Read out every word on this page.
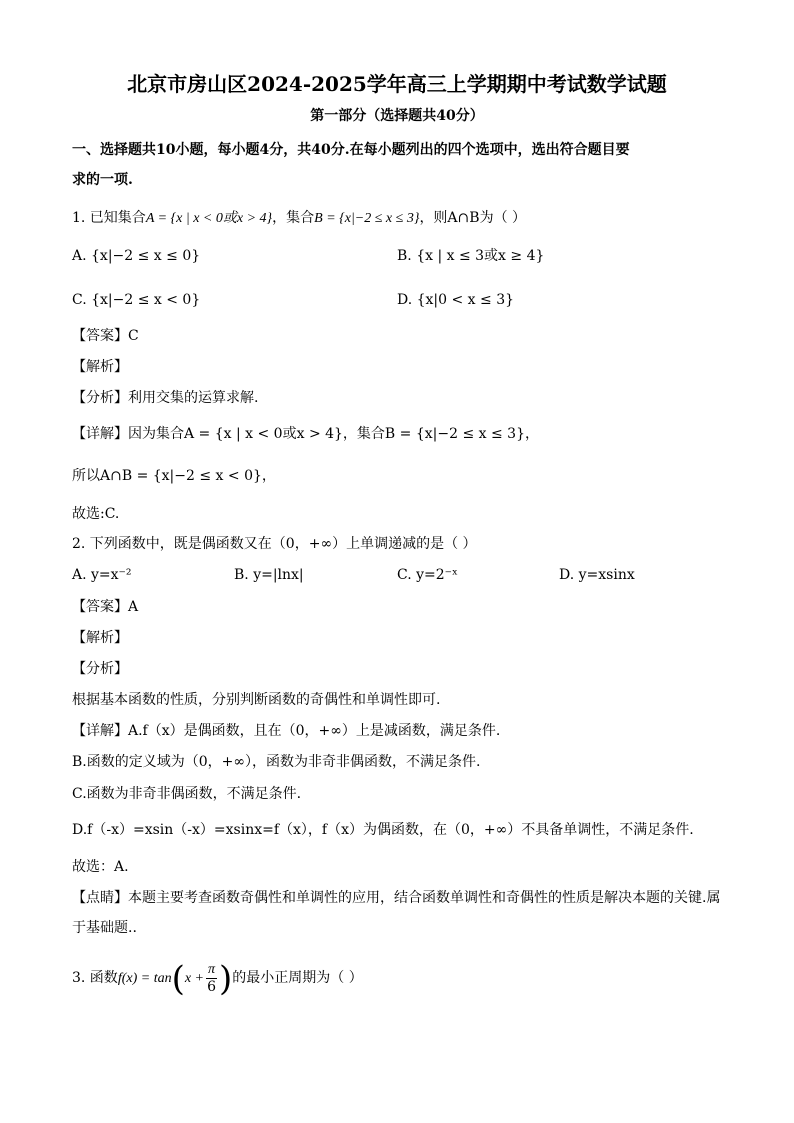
北京市房山区2024-2025学年高三上学期期中考试数学试题
第一部分（选择题共40分）
一、选择题共10小题，每小题4分，共40分.在每小题列出的四个选项中，选出符合题目要
求的一项.
1. 已知集合A = {x | x < 0或x > 4}，集合B = {x|−2 ≤ x ≤ 3}，则A∩B为（ ）
A. {x|−2 ≤ x ≤ 0}	B. {x | x ≤ 3或x ≥ 4}
C. {x|−2 ≤ x < 0}	D. {x|0 < x ≤ 3}
【答案】C
【解析】
【分析】利用交集的运算求解.
【详解】因为集合A = {x | x < 0或x > 4}，集合B = {x|−2 ≤ x ≤ 3}，
所以A∩B = {x|−2 ≤ x < 0}，
故选:C.
2. 下列函数中，既是偶函数又在（0，+∞）上单调递减的是（ ）
A. y=x⁻²	B. y=|lnx|	C. y=2⁻ˣ	D. y=xsinx
【答案】A
【解析】
【分析】
根据基本函数的性质，分别判断函数的奇偶性和单调性即可.
【详解】A.f（x）是偶函数，且在（0，+∞）上是减函数，满足条件.
B.函数的定义域为（0，+∞），函数为非奇非偶函数，不满足条件.
C.函数为非奇非偶函数，不满足条件.
D.f（-x）=xsin（-x）=xsinx=f（x），f（x）为偶函数，在（0，+∞）不具备单调性，不满足条件.
故选：A.
【点睛】本题主要考查函数奇偶性和单调性的应用，结合函数单调性和奇偶性的性质是解决本题的关键.属
于基础题..
3. 函数$f(x) = \tan(x + \frac{\pi}{6}$ )的最小正周期为（ ）
